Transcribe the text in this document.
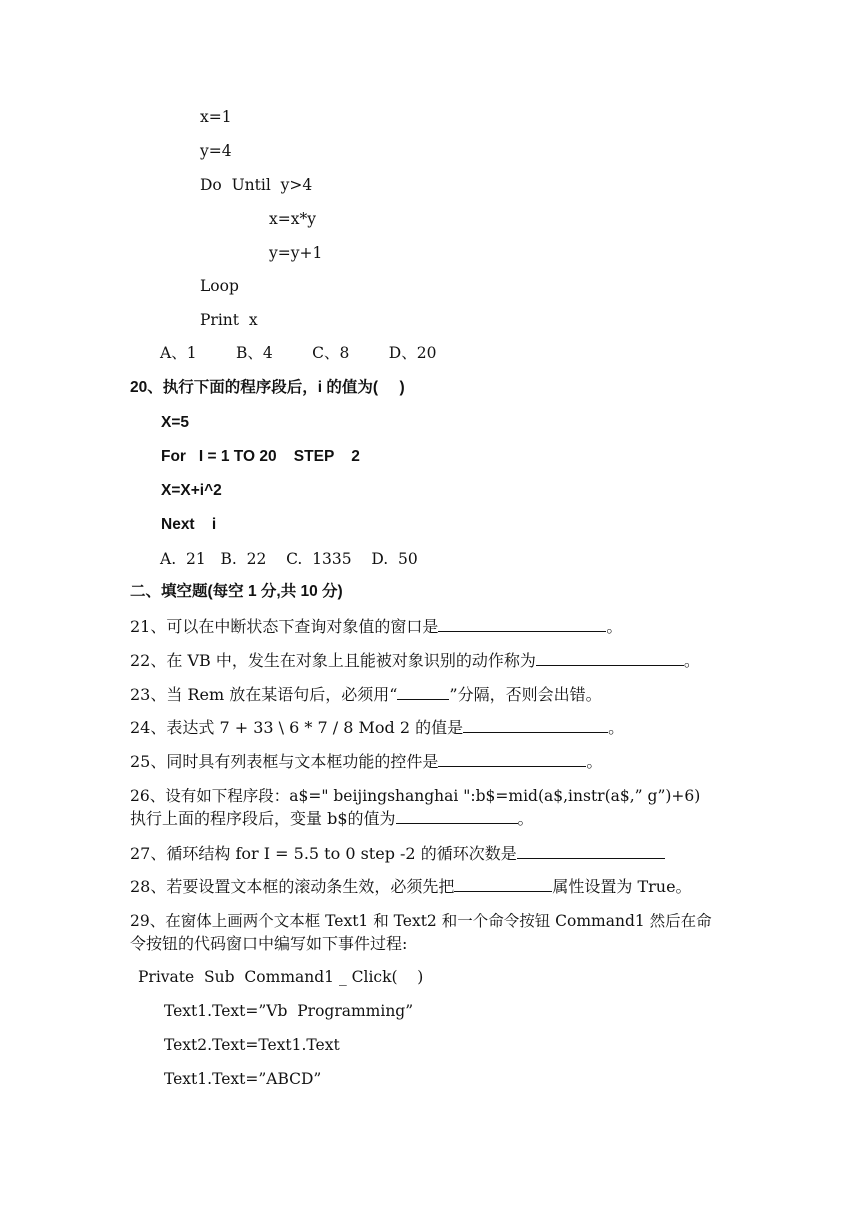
x=1
y=4
Do  Until  y>4
x=x*y
y=y+1
Loop
Print  x
A、1        B、4        C、8        D、20
20、执行下面的程序段后，i 的值为(     )
X=5
For   I = 1 TO 20    STEP    2
X=X+i^2
Next    i
A.  21   B.  22    C.  1335    D.  50
二、填空题(每空 1 分,共 10 分)
21、可以在中断状态下查询对象值的窗口是	。
22、在 VB 中，发生在对象上且能被对象识别的动作称为	。
23、当 Rem 放在某语句后，必须用“	”分隔，否则会出错。
24、表达式 7 + 33 \ 6 * 7 / 8 Mod 2 的值是	。
25、同时具有列表框与文本框功能的控件是	。
26、设有如下程序段：a$=" beijingshanghai ":b$=mid(a$,instr(a$,” g”)+6)
执行上面的程序段后，变量 b$的值为	。
27、循环结构 for I = 5.5 to 0 step -2 的循环次数是
28、若要设置文本框的滚动条生效，必须先把	属性设置为 True。
29、在窗体上画两个文本框 Text1 和 Text2 和一个命令按钮 Command1 然后在命
令按钮的代码窗口中编写如下事件过程:
Private  Sub  Command1 _ Click(    )
Text1.Text=”Vb  Programming”
Text2.Text=Text1.Text
Text1.Text=”ABCD”
